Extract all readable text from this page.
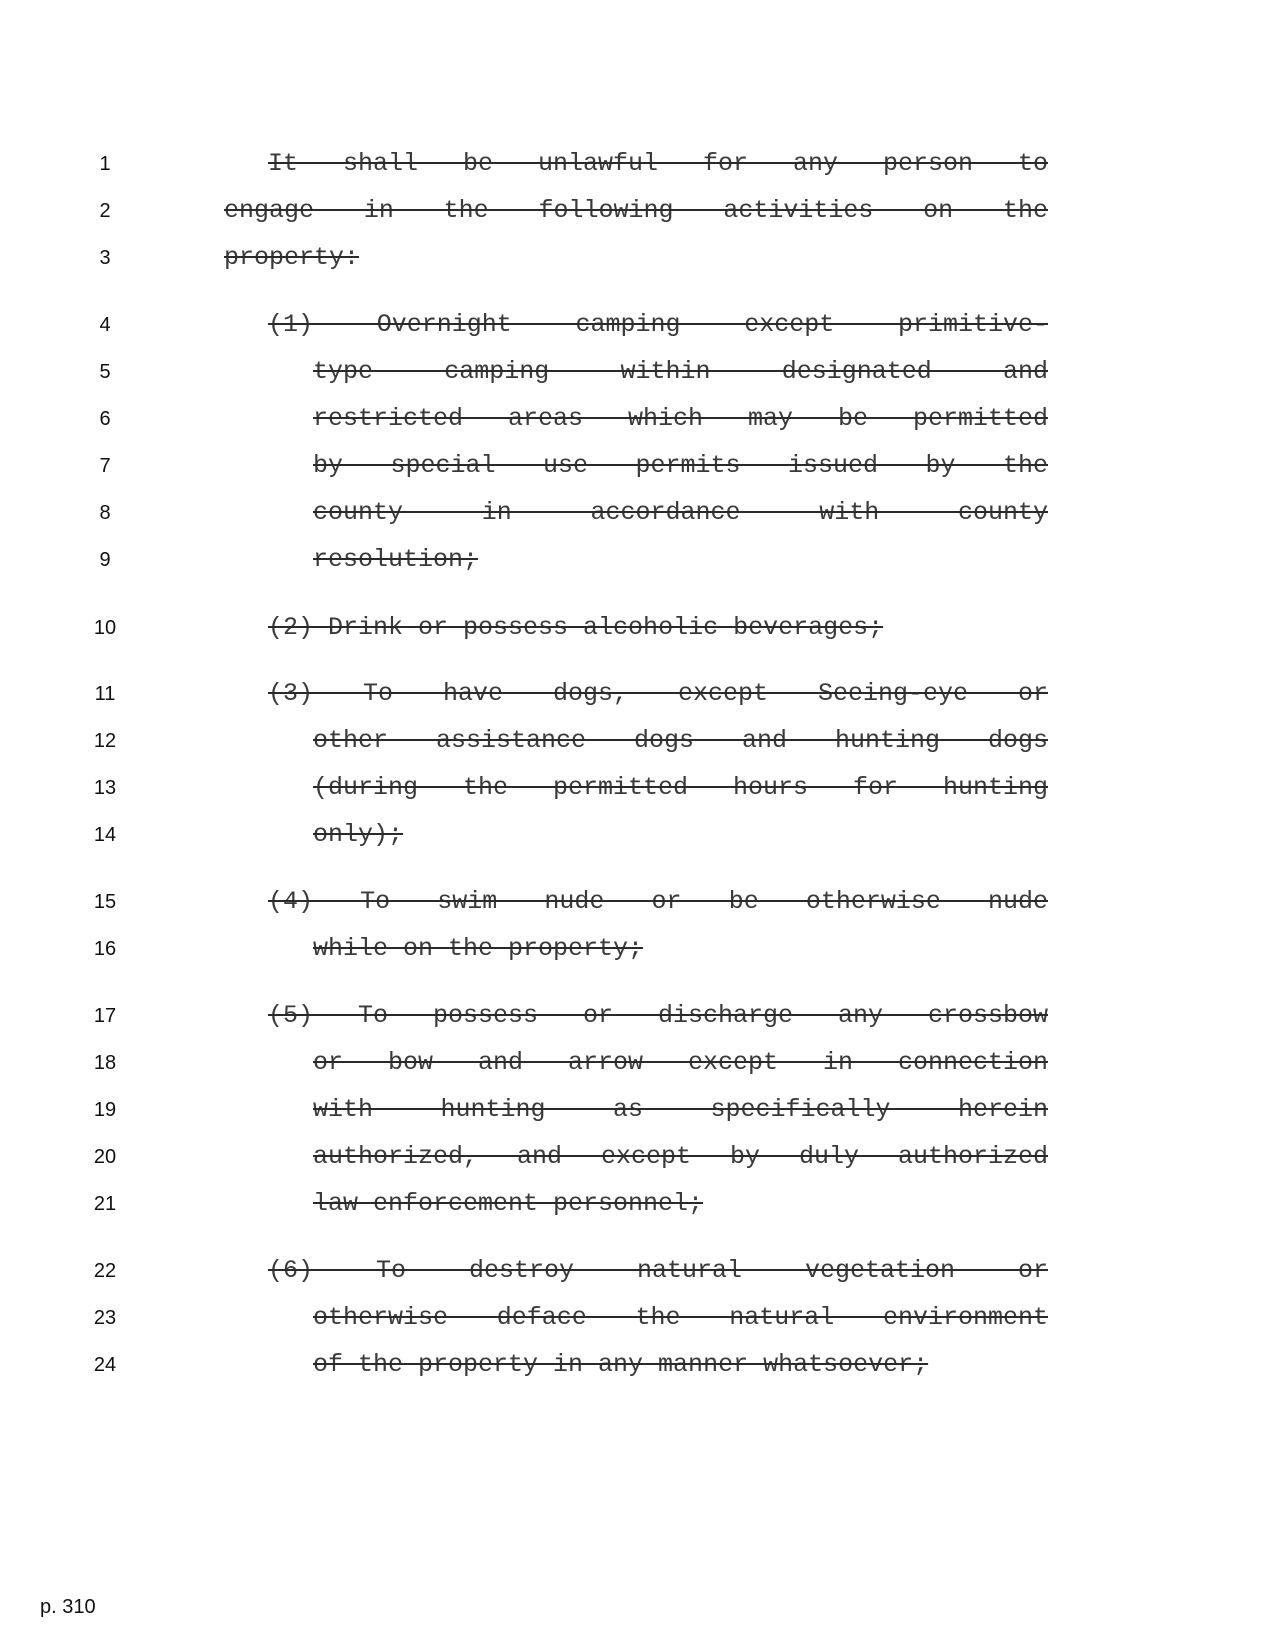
1
2
3
4
5
6
7
8
9
10
11
12
13
14
15
16
17
18
19
20
21
22
23
24
It shall be unlawful for any person to
engage in the following activities on the
property:
(1) Overnight camping except primitive-
type camping within designated and
restricted areas which may be permitted
by special use permits issued by the
county in accordance with county
resolution;
(2) Drink or possess alcoholic beverages;
(3) To have dogs, except Seeing-eye or
other assistance dogs and hunting dogs
(during the permitted hours for hunting
only);
(4) To swim nude or be otherwise nude
while on the property;
(5) To possess or discharge any crossbow
or bow and arrow except in connection
with hunting as specifically herein
authorized, and except by duly authorized
law enforcement personnel;
(6) To destroy natural vegetation or
otherwise deface the natural environment
of the property in any manner whatsoever;
p. 310
